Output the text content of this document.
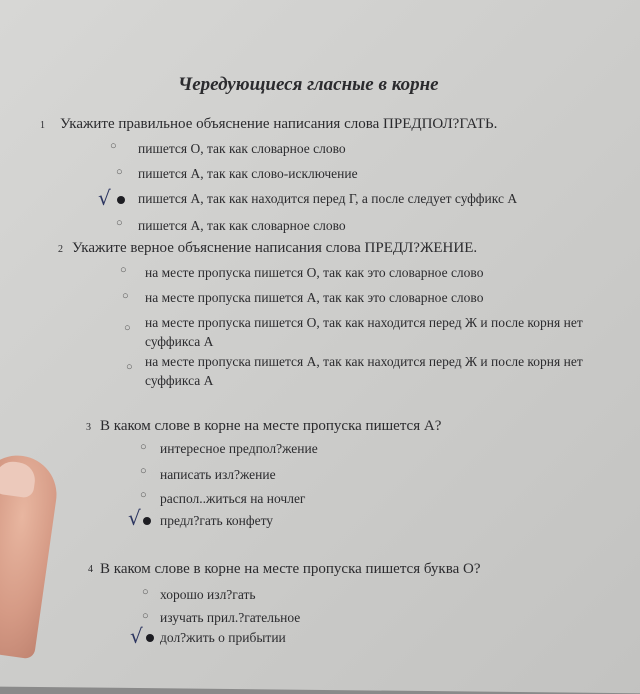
Чередующиеся гласные в корне
1 Укажите правильное объяснение написания слова ПРЕДПОЛ?ГАТЬ.
○ пишется О, так как словарное слово
○ пишется А, так как слово-исключение
√ пишется А, так как находится перед Г, а после следует суффикс А
○ пишется А, так как словарное слово
2 Укажите верное объяснение написания слова ПРЕДЛ?ЖЕНИЕ.
○ на месте пропуска пишется О, так как это словарное слово
○ на месте пропуска пишется А, так как это словарное слово
○ на месте пропуска пишется О, так как находится перед Ж и после корня нет суффикса А
○ на месте пропуска пишется А, так как находится перед Ж и после корня нет суффикса А
3 В каком слове в корне на месте пропуска пишется А?
○ интересное предпол?жение
○ написать изл?жение
○ распол..житься на ночлег
√ предл?гать конфету
4 В каком слове в корне на месте пропуска пишется буква О?
○ хорошо изл?гать
○ изучать прил.?гательное
√ дол?жить о прибытии
